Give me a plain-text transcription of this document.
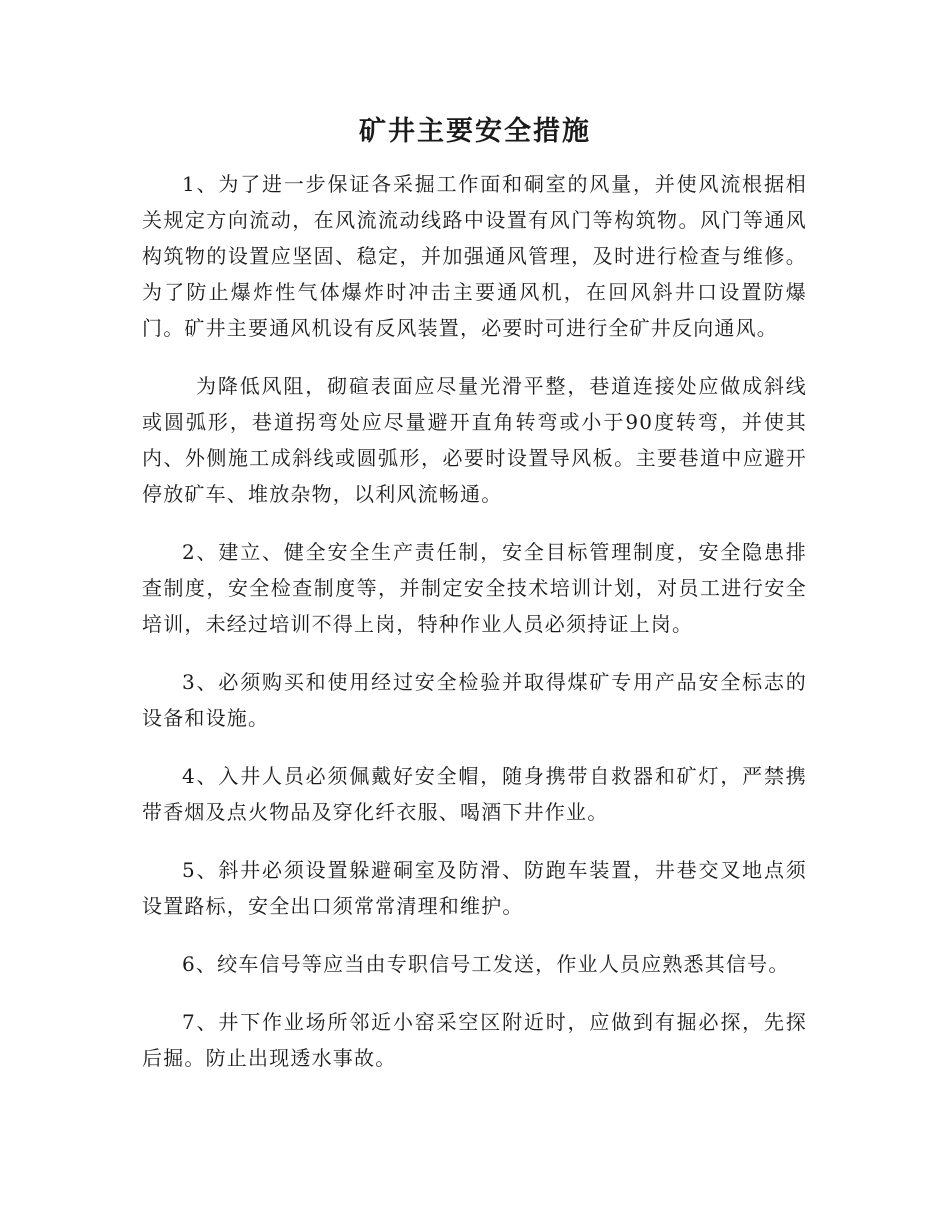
矿井主要安全措施

1、为了进一步保证各采掘工作面和硐室的风量，并使风流根据相关规定方向流动，在风流流动线路中设置有风门等构筑物。风门等通风构筑物的设置应坚固、稳定，并加强通风管理，及时进行检查与维修。为了防止爆炸性气体爆炸时冲击主要通风机，在回风斜井口设置防爆门。矿井主要通风机设有反风装置，必要时可进行全矿井反向通风。

为降低风阻，砌碹表面应尽量光滑平整，巷道连接处应做成斜线或圆弧形，巷道拐弯处应尽量避开直角转弯或小于90度转弯，并使其内、外侧施工成斜线或圆弧形，必要时设置导风板。主要巷道中应避开停放矿车、堆放杂物，以利风流畅通。

2、建立、健全安全生产责任制，安全目标管理制度，安全隐患排查制度，安全检查制度等，并制定安全技术培训计划，对员工进行安全培训，未经过培训不得上岗，特种作业人员必须持证上岗。

3、必须购买和使用经过安全检验并取得煤矿专用产品安全标志的设备和设施。

4、入井人员必须佩戴好安全帽，随身携带自救器和矿灯，严禁携带香烟及点火物品及穿化纤衣服、喝酒下井作业。

5、斜井必须设置躲避硐室及防滑、防跑车装置，井巷交叉地点须设置路标，安全出口须常常清理和维护。

6、绞车信号等应当由专职信号工发送，作业人员应熟悉其信号。

7、井下作业场所邻近小窑采空区附近时，应做到有掘必探，先探后掘。防止出现透水事故。
